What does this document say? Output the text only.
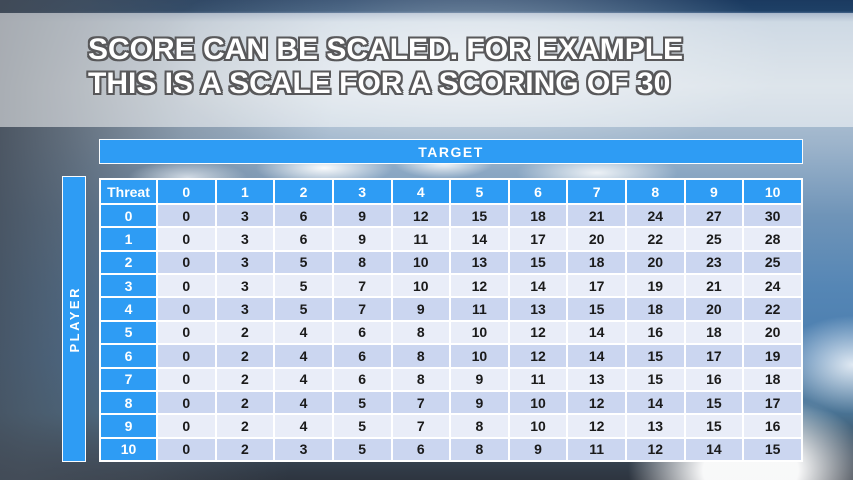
SCORE CAN BE SCALED. FOR EXAMPLE
THIS IS A SCALE FOR A SCORING OF 30
TARGET
PLAYER
Threat	0	1	2	3	4	5	6	7	8	9	10
0	0	3	6	9	12	15	18	21	24	27	30
1	0	3	6	9	11	14	17	20	22	25	28
2	0	3	5	8	10	13	15	18	20	23	25
3	0	3	5	7	10	12	14	17	19	21	24
4	0	3	5	7	9	11	13	15	18	20	22
5	0	2	4	6	8	10	12	14	16	18	20
6	0	2	4	6	8	10	12	14	15	17	19
7	0	2	4	6	8	9	11	13	15	16	18
8	0	2	4	5	7	9	10	12	14	15	17
9	0	2	4	5	7	8	10	12	13	15	16
10	0	2	3	5	6	8	9	11	12	14	15
